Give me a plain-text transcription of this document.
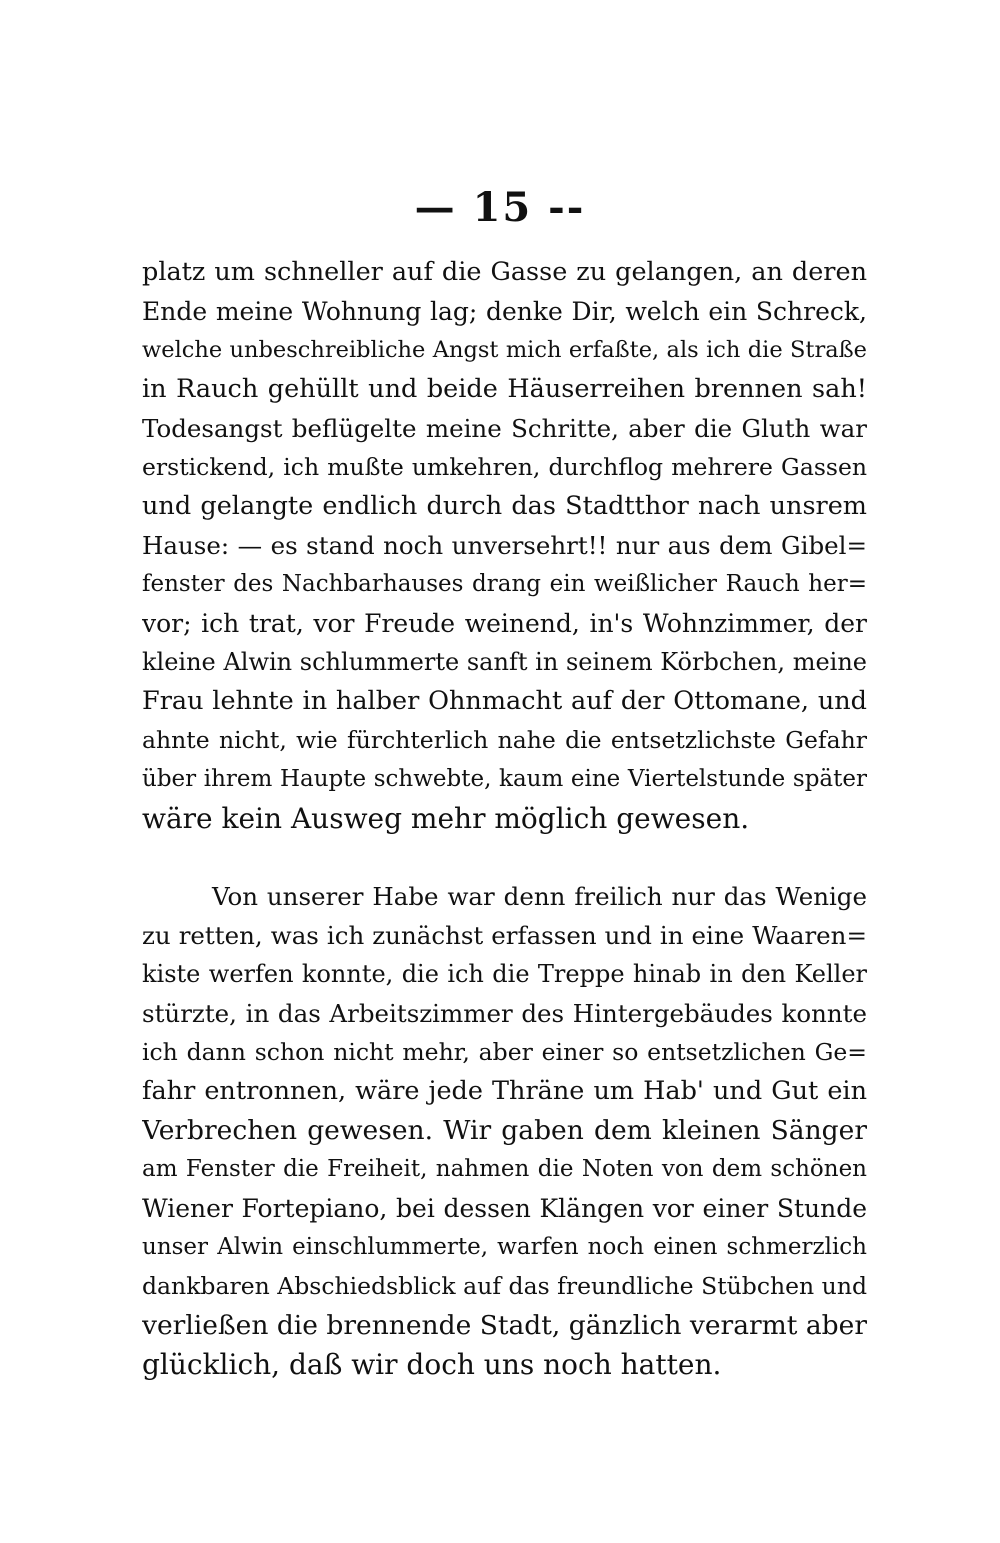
— 15 --
platz um schneller auf die Gasse zu gelangen, an deren
Ende meine Wohnung lag; denke Dir, welch ein Schreck,
welche unbeschreibliche Angst mich erfaßte, als ich die Straße
in Rauch gehüllt und beide Häuserreihen brennen sah!
Todesangst beflügelte meine Schritte, aber die Gluth war
erstickend, ich mußte umkehren, durchflog mehrere Gassen
und gelangte endlich durch das Stadtthor nach unsrem
Hause: — es stand noch unversehrt!! nur aus dem Gibel=
fenster des Nachbarhauses drang ein weißlicher Rauch her=
vor; ich trat, vor Freude weinend, in's Wohnzimmer, der
kleine Alwin schlummerte sanft in seinem Körbchen, meine
Frau lehnte in halber Ohnmacht auf der Ottomane, und
ahnte nicht, wie fürchterlich nahe die entsetzlichste Gefahr
über ihrem Haupte schwebte, kaum eine Viertelstunde später
wäre kein Ausweg mehr möglich gewesen.
Von unserer Habe war denn freilich nur das Wenige
zu retten, was ich zunächst erfassen und in eine Waaren=
kiste werfen konnte, die ich die Treppe hinab in den Keller
stürzte, in das Arbeitszimmer des Hintergebäudes konnte
ich dann schon nicht mehr, aber einer so entsetzlichen Ge=
fahr entronnen, wäre jede Thräne um Hab' und Gut ein
Verbrechen gewesen. Wir gaben dem kleinen Sänger
am Fenster die Freiheit, nahmen die Noten von dem schönen
Wiener Fortepiano, bei dessen Klängen vor einer Stunde
unser Alwin einschlummerte, warfen noch einen schmerzlich
dankbaren Abschiedsblick auf das freundliche Stübchen und
verließen die brennende Stadt, gänzlich verarmt aber
glücklich, daß wir doch uns noch hatten.
